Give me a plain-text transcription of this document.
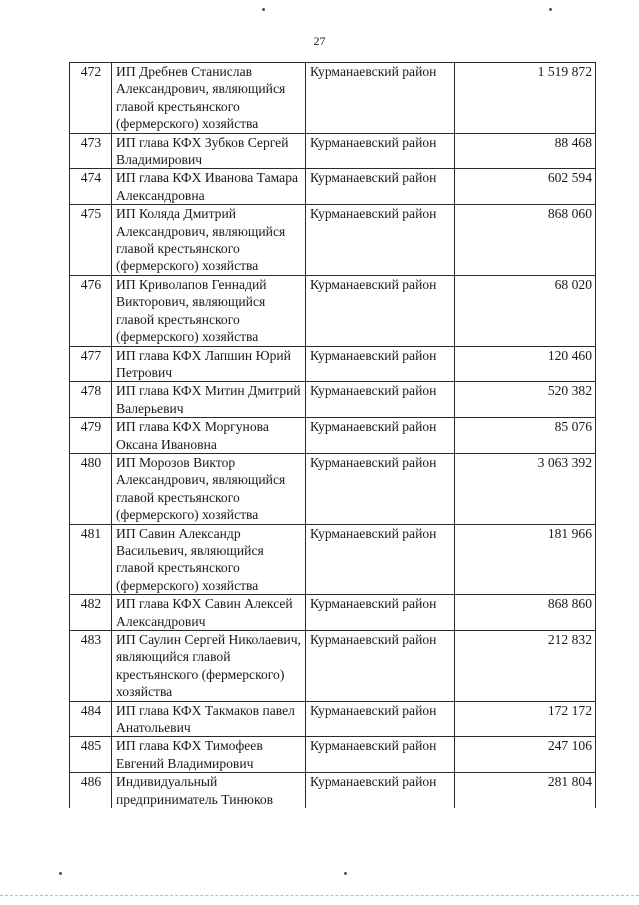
27
472	ИП Дребнев Станислав Александрович, являющийся главой крестьянского (фермерского) хозяйства	Курманаевский район	1 519 872
473	ИП глава КФХ Зубков Сергей Владимирович	Курманаевский район	88 468
474	ИП глава КФХ Иванова Тамара Александровна	Курманаевский район	602 594
475	ИП Коляда Дмитрий Александрович, являющийся главой крестьянского (фермерского) хозяйства	Курманаевский район	868 060
476	ИП Криволапов Геннадий Викторович, являющийся главой крестьянского (фермерского) хозяйства	Курманаевский район	68 020
477	ИП глава КФХ Лапшин Юрий Петрович	Курманаевский район	120 460
478	ИП глава КФХ Митин Дмитрий Валерьевич	Курманаевский район	520 382
479	ИП глава КФХ Моргунова Оксана Ивановна	Курманаевский район	85 076
480	ИП Морозов Виктор Александрович, являющийся главой крестьянского (фермерского) хозяйства	Курманаевский район	3 063 392
481	ИП Савин Александр Васильевич, являющийся главой крестьянского (фермерского) хозяйства	Курманаевский район	181 966
482	ИП глава КФХ Савин Алексей Александрович	Курманаевский район	868 860
483	ИП Саулин Сергей Николаевич, являющийся главой крестьянского (фермерского) хозяйства	Курманаевский район	212 832
484	ИП глава КФХ Такмаков павел Анатольевич	Курманаевский район	172 172
485	ИП глава КФХ Тимофеев Евгений Владимирович	Курманаевский район	247 106
486	Индивидуальный предприниматель Тинюков	Курманаевский район	281 804
